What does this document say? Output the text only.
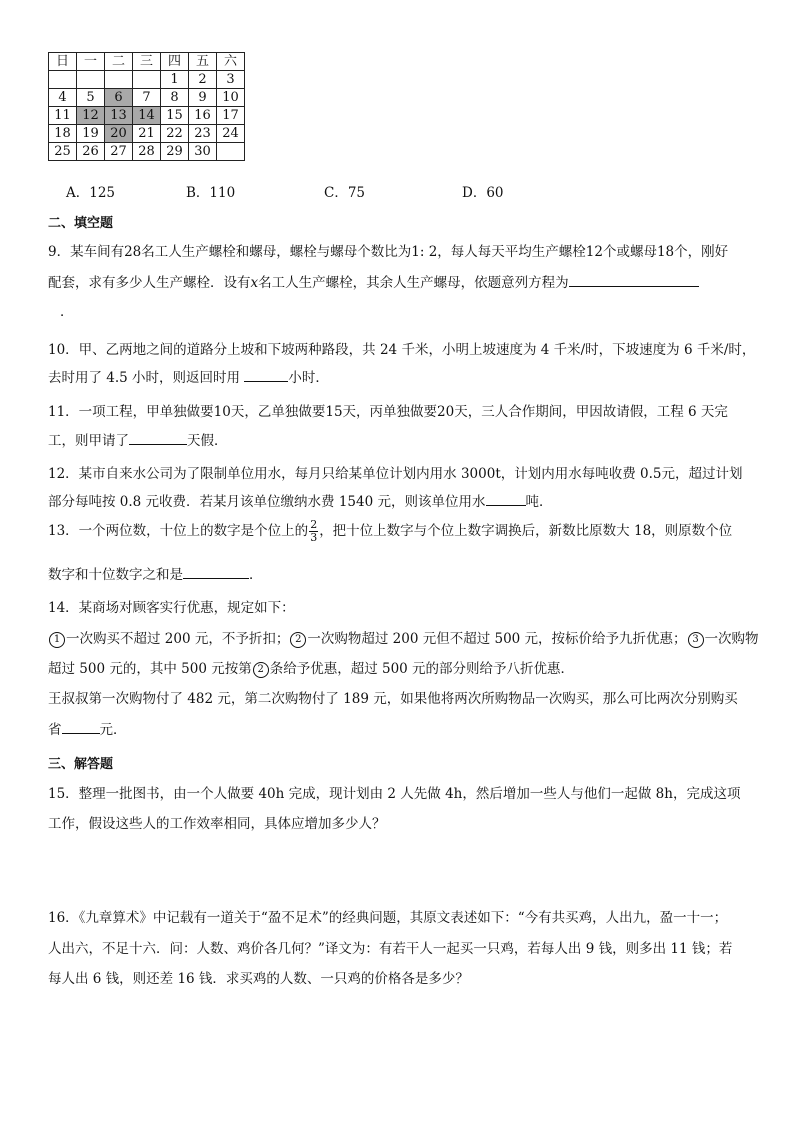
日	一	二	三	四	五	六
				1	2	3
4	5	6	7	8	9	10
11	12	13	14	15	16	17
18	19	20	21	22	23	24
25	26	27	28	29	30	
A．125	B．110	C．75	D．60
二、填空题
9．某车间有28名工人生产螺栓和螺母，螺栓与螺母个数比为1: 2，每人每天平均生产螺栓12个或螺母18个，刚好
配套，求有多少人生产螺栓．设有x名工人生产螺栓，其余人生产螺母，依题意列方程为
．
10．甲、乙两地之间的道路分上坡和下坡两种路段，共 24 千米，小明上坡速度为 4 千米/时，下坡速度为 6 千米/时，
去时用了 4.5 小时，则返回时用	小时．
11．一项工程，甲单独做要10天，乙单独做要15天，丙单独做要20天，三人合作期间，甲因故请假，工程 6 天完
工，则甲请了	天假．
12．某市自来水公司为了限制单位用水，每月只给某单位计划内用水 3000t，计划内用水每吨收费 0.5元，超过计划
部分每吨按 0.8 元收费．若某月该单位缴纳水费 1540 元，则该单位用水	吨．
13．一个两位数，十位上的数字是个位上的 $\frac{2}{3}$ ，把十位上数字与个位上数字调换后，新数比原数大 18，则原数个位
数字和十位数字之和是	．
14．某商场对顾客实行优惠，规定如下：
1 一次购买不超过 200 元，不予折扣； 2 一次购物超过 200 元但不超过 500 元，按标价给予九折优惠； 3 一次购物
超过 500 元的，其中 500 元按第 2 条给予优惠，超过 500 元的部分则给予八折优惠．
王叔叔第一次购物付了 482 元，第二次购物付了 189 元，如果他将两次所购物品一次购买，那么可比两次分别购买
省	元．
三、解答题
15．整理一批图书，由一个人做要 40h 完成，现计划由 2 人先做 4h，然后增加一些人与他们一起做 8h，完成这项
工作，假设这些人的工作效率相同，具体应增加多少人？
16．《九章算术》中记载有一道关于“盈不足术”的经典问题，其原文表述如下：“今有共买鸡，人出九，盈一十一；
人出六，不足十六．问：人数、鸡价各几何？”译文为：有若干人一起买一只鸡，若每人出 9 钱，则多出 11 钱；若
每人出 6 钱，则还差 16 钱．求买鸡的人数、一只鸡的价格各是多少？
